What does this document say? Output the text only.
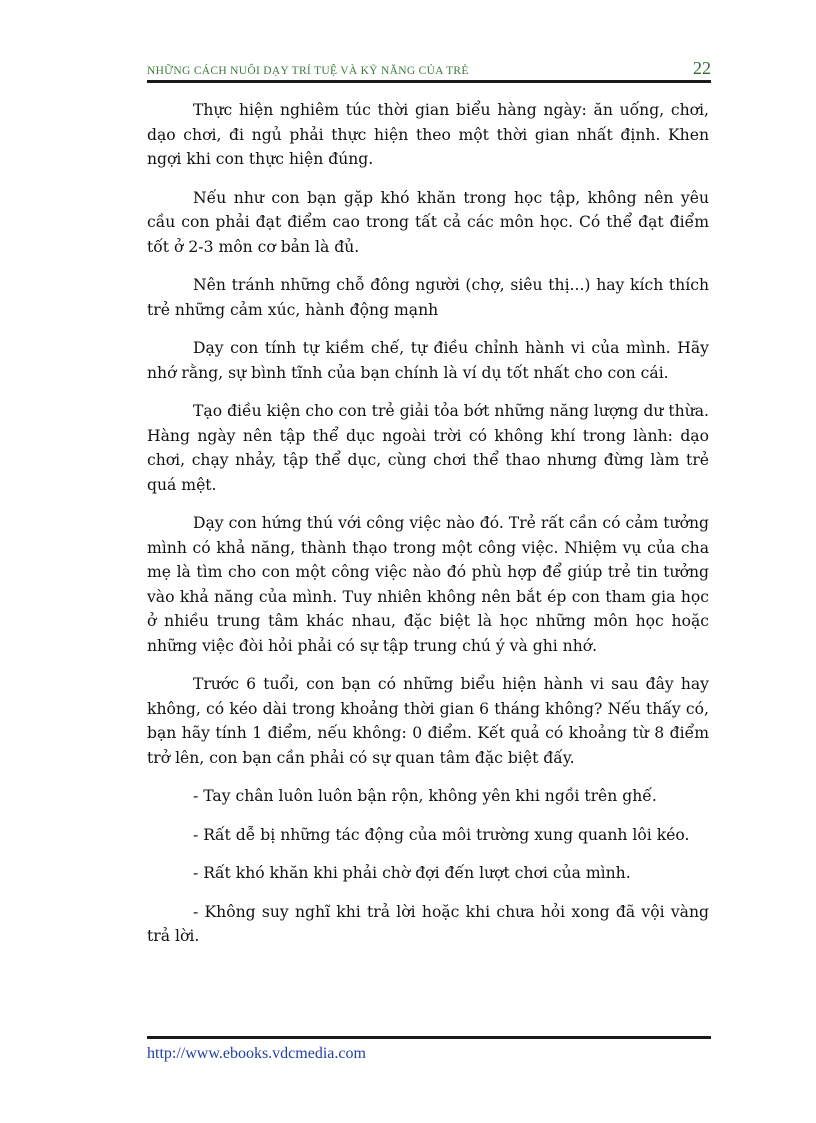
NHỮNG CÁCH NUÔI DẠY TRÍ TUỆ VÀ KỸ NĂNG CỦA TRẺ	22

Thực hiện nghiêm túc thời gian biểu hàng ngày: ăn uống, chơi, dạo chơi, đi ngủ phải thực hiện theo một thời gian nhất định. Khen ngợi khi con thực hiện đúng.

Nếu như con bạn gặp khó khăn trong học tập, không nên yêu cầu con phải đạt điểm cao trong tất cả các môn học. Có thể đạt điểm tốt ở 2-3 môn cơ bản là đủ.

Nên tránh những chỗ đông người (chợ, siêu thị...) hay kích thích trẻ những cảm xúc, hành động mạnh

Dạy con tính tự kiềm chế, tự điều chỉnh hành vi của mình. Hãy nhớ rằng, sự bình tĩnh của bạn chính là ví dụ tốt nhất cho con cái.

Tạo điều kiện cho con trẻ giải tỏa bớt những năng lượng dư thừa. Hàng ngày nên tập thể dục ngoài trời có không khí trong lành: dạo chơi, chạy nhảy, tập thể dục, cùng chơi thể thao nhưng đừng làm trẻ quá mệt.

Dạy con hứng thú với công việc nào đó. Trẻ rất cần có cảm tưởng mình có khả năng, thành thạo trong một công việc. Nhiệm vụ của cha mẹ là tìm cho con một công việc nào đó phù hợp để giúp trẻ tin tưởng vào khả năng của mình. Tuy nhiên không nên bắt ép con tham gia học ở nhiều trung tâm khác nhau, đặc biệt là học những môn học hoặc những việc đòi hỏi phải có sự tập trung chú ý và ghi nhớ.

Trước 6 tuổi, con bạn có những biểu hiện hành vi sau đây hay không, có kéo dài trong khoảng thời gian 6 tháng không? Nếu thấy có, bạn hãy tính 1 điểm, nếu không: 0 điểm. Kết quả có khoảng từ 8 điểm trở lên, con bạn cần phải có sự quan tâm đặc biệt đấy.

- Tay chân luôn luôn bận rộn, không yên khi ngồi trên ghế.

- Rất dễ bị những tác động của môi trường xung quanh lôi kéo.

- Rất khó khăn khi phải chờ đợi đến lượt chơi của mình.

- Không suy nghĩ khi trả lời hoặc khi chưa hỏi xong đã vội vàng trả lời.

http://www.ebooks.vdcmedia.com
